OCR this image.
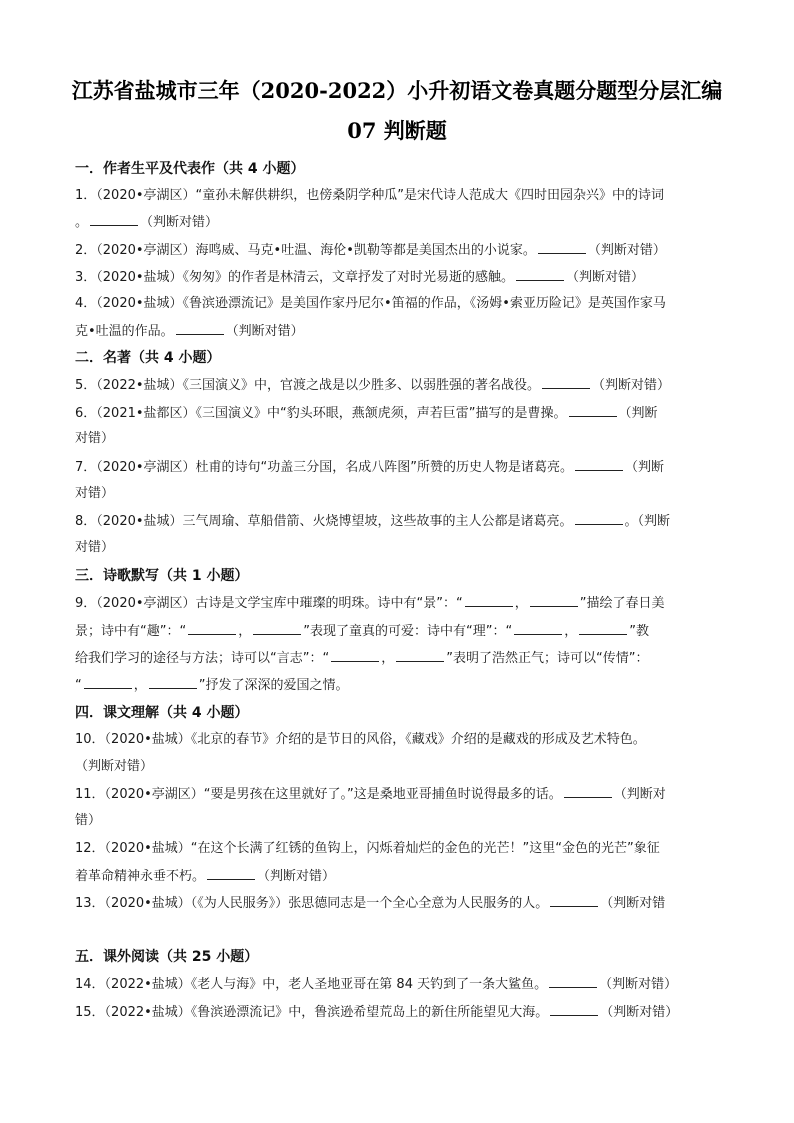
江苏省盐城市三年（2020-2022）小升初语文卷真题分题型分层汇编
07 判断题
一．作者生平及代表作（共 4 小题）
1．（2020•亭湖区）“童孙未解供耕织，也傍桑阴学种瓜”是宋代诗人范成大《四时田园杂兴》中的诗词
。	（判断对错）
2．（2020•亭湖区）海鸣威、马克•吐温、海伦•凯勒等都是美国杰出的小说家。	（判断对错）
3．（2020•盐城）《匆匆》的作者是林清云，文章抒发了对时光易逝的感触。	（判断对错）
4．（2020•盐城）《鲁滨逊漂流记》是美国作家丹尼尔•笛福的作品，《汤姆•索亚历险记》是英国作家马
克•吐温的作品。	（判断对错）
二．名著（共 4 小题）
5．（2022•盐城）《三国演义》中，官渡之战是以少胜多、以弱胜强的著名战役。	（判断对错）
6．（2021•盐都区）《三国演义》中“豹头环眼，燕颔虎须，声若巨雷”描写的是曹操。	（判断
对错）
7．（2020•亭湖区）杜甫的诗句“功盖三分国，名成八阵图”所赞的历史人物是诸葛亮。	（判断
对错）
8．（2020•盐城）三气周瑜、草船借箭、火烧博望坡，这些故事的主人公都是诸葛亮。	。（判断
对错）
三．诗歌默写（共 1 小题）
9．（2020•亭湖区）古诗是文学宝库中璀璨的明珠。诗中有“景”：“	，	”描绘了春日美
景；诗中有“趣”：“	，	”表现了童真的可爱：诗中有“理”：“	，	”教
给我们学习的途径与方法；诗可以“言志”：“	，	”表明了浩然正气；诗可以“传情”：
“	，	”抒发了深深的爱国之情。
四．课文理解（共 4 小题）
10．（2020•盐城）《北京的春节》介绍的是节日的风俗，《藏戏》介绍的是藏戏的形成及艺术特色。
（判断对错）
11．（2020•亭湖区）“要是男孩在这里就好了。”这是桑地亚哥捕鱼时说得最多的话。	（判断对
错）
12．（2020•盐城）“在这个长满了红锈的鱼钩上，闪烁着灿烂的金色的光芒！”这里“金色的光芒”象征
着革命精神永垂不朽。	（判断对错）
13．（2020•盐城）（《为人民服务》）张思德同志是一个全心全意为人民服务的人。	（判断对错
五．课外阅读（共 25 小题）
14．（2022•盐城）《老人与海》中，老人圣地亚哥在第 84 天钓到了一条大鲨鱼。	（判断对错）
15．（2022•盐城）《鲁滨逊漂流记》中，鲁滨逊希望荒岛上的新住所能望见大海。	（判断对错）
